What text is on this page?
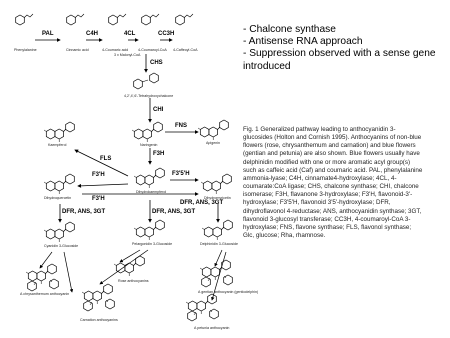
PAL	C4H	4CL	CC3H
CHS
CHI
FLS
FNS
F3H
F3'H	F3'5'H
F3'H
DFR, ANS, 3GT	DFR, ANS, 3GT
DFR, ANS, 3GT
Phenylalanine	Cinnamic acid	4-Coumaric acid	4-Coumaroyl-CoA 4-Caffeoyl-CoA
3 x Malonyl-CoA
4,2',4',6'-Tetrahydroxychalcone
Naringenin	Apigenin
Kaempferol
Dihydrokaempferol
Dihydroquercetin	Dihydromyricetin
Cyanidin 3-Glucoside	Pelargonidin 3-Glucoside	Delphinidin 3-Glucoside
A chrysanthemum anthocyanin
Rose anthocyanins
Carnation anthocyanins
A gentian anthocyanin (gentiodelphin)
A petunia anthocyanin
- Chalcone synthase
- Antisense RNA approach
- Suppression observed with a sense gene introduced

Fig. 1 Generalized pathway leading to anthocyanidin 3-glucosides (Holton and Cornish 1995). Anthocyanins of non-blue flowers (rose, chrysanthemum and carnation) and blue flowers (gentian and petunia) are also shown. Blue flowers usually have delphinidin modified with one or more aromatic acyl group(s) such as caffeic acid (Caf) and coumaric acid. PAL, phenylalanine ammonia-lyase; C4H, cinnamate4-hydroxylase; 4CL, 4-coumarate:CoA ligase; CHS, chalcone synthase; CHI, chalcone isomerase; F3H, flavanone 3-hydroxylase; F3'H, flavonoid-3'-hydroxylase; F3'5'H, flavonoid 3'5'-hydroxylase; DFR, dihydroflavonol 4-reductase; ANS, anthocyanidin synthase; 3GT, flavonoid 3-glucosyl transferase; CC3H, 4-coumaroyl-CoA 3-hydroxylase; FNS, flavone synthase; FLS, flavonol synthase;

Glc, glucose; Rha, rhamnose.
